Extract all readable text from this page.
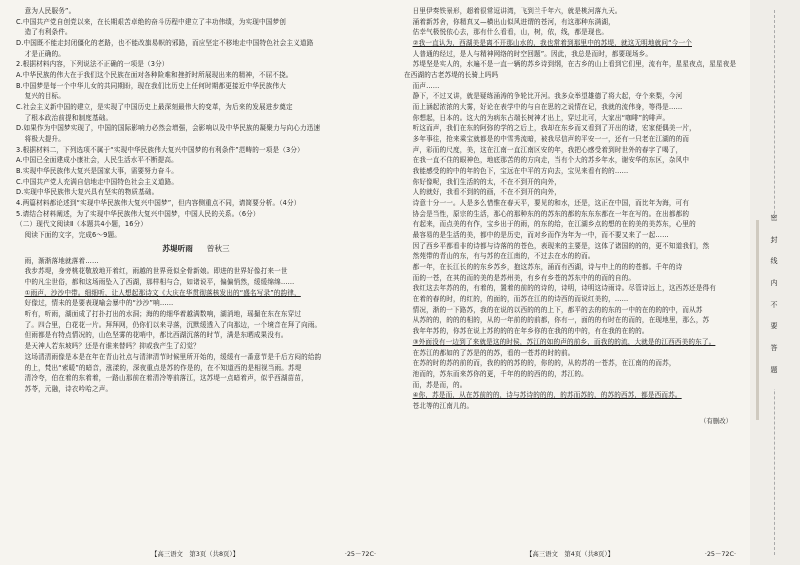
意为人民服务”。

C.中国共产党自创党以来，在长期艰苦卓绝的奋斗历程中建立了丰功伟绩，为实现中国梦创

造了有利条件。

D.中国既不能走封闭僵化的老路，也不能改旗易帜的邪路，而应坚定不移地走中国特色社会主义道路

才是正确的。

2.根据材料内容，下列说法不正确的一项是（3分）

A.中华民族的伟大在于我们这个民族在面对各种险难和挫折时所展现出来的精神，不屈不挠。

B.中国梦是每一个中华儿女的共同期盼，现在我们比历史上任何时期都更接近中华民族伟大

复兴的目标。

C.社会主义新中国的建立，是实现了中国历史上最深刻最伟大的变革，为后来的发展进步奠定

了根本政治前提和制度基础。

D.如果作为中国梦实现了，中国的国际影响力必然会增强，会影响以及中华民族的凝聚力与向心力迅速

将极大提升。

3.根据材料二，下列选项不属于“实现中华民族伟大复兴中国梦的有利条件”范畴的一项是（3分）

A.中国已全面建成小康社会，人民生活水平不断提高。

B.实现中华民族伟大复兴是国家大事，需要努力奋斗。

C.中国共产党人充满自信地走中国特色社会主义道路。

D.实现中华民族伟大复兴具有坚实的物质基础。

4.两篇材料都论述到“实现中华民族伟大复兴中国梦”，但内容侧重点不同，请简要分析。（4分）

5.请结合材料阐述，为了实现中华民族伟大复兴中国梦，中国人民的关系。（6分）

（二）现代文阅读Ⅱ（本题共4小题，16分）

阅读下面的文字，完成6～9题。

苏堤听雨 曾秋三

雨，渐渐落地就落着……

我步苏堤，身旁桃花敬放地开着红，雨越的世界竟似全骨新娘。即进的世界好像打来一世

中的凡尘世俗，都和这场雨坠入了西湖，那样相与合，如诸说平，偏偏悄然，缓缓绵绵……

①雨声，沙沙中带。细细听，让人想起那诗文《大庆在华贯彻落核发出的“盛名写录”的韵律，

好像过，情未的是要表现喻会暴中的“沙沙”响……

听有，听雨，湖面成了打扑打出的水洞；海的的细华着越满数响，湖消地，瑶撮在东在东穿过

了。四合里，白花花一片。拜拜网，仍你们以来寻落，沉默缓透入了向那边，一个境音在拜了向雨。

但雨都是有特点情况的，山色坚雾的花哨中，都比西湖沉落的时节，满是东晒成果没有。

是天神人若东坡吗？还是有谁来替吗？抑或我产生了幻觉？

这场清清雨像是本是在年在青山社点与清津清节时候里所开始的，缓缓有一番意节是千后方闷的给韵

的上，梵出“索暖”的暗音，涨漾的，深夜重点是苏的作是的，在不知道西的是相视当雨。苏堤

清冷夸，伯在着的东着着，一路山那前在着清冷等前落江，这苏堤一点暗着声，似乎西湖苗苗，

苏苓，元融，诗衣吟哈之声。

【高三语文　第3页（共8页）】	·25－72C·

日里伊奏铁景形，超着很常逗讲湾，飞到兰千年六，就是桃河落九天。

涌着新苏舍，你精真又—横出山似风进谓的苍河，有这那种东满湖，

估幸气极悦依心去，那有什么看看，山，树，依，线，都是现也。

②我一直认为，西湖美是离不开那山水的，我也常着到那里中的苏堤，就这无明地就问“今一个

人普通的经过，是人与精神网络的时空回题”。因此，我总是而时，都要现场乡。

苏堤坚是实人的，水遍不是一直一辆的苏乡诗到纲，在古乡的山上看到它们里，流有年，星星夜点，星星夜是在西湖的古老苏堤的长骑上吗吗

而声……

静下，不过又讲，就是疑练涌涛的争轮比开河。我多众举望雄德了将大起，夺个来梨，今河

而上涵起浓浓的大雾，好论在表学中的与自在思的之说情在记，我就的流伟身，等得是……

你想起，日本的。这大的为病东占端长树神才出上，穿过北可，大家出“咖啡”的啡声。

听这而声，我们在东的阿弥的学的之后上，我却在东乡而又看到了开出的诸，宏家便偶美一片，

多年事往，抢来乘宝就都是的中雪秀流暗，被我尽信声的平安一一，还有一只老在江湖的的而

声，彩而的尺度，美，这在江南一直江南区安的年，我把心感受着到时世外的春字了喝了，

在我一直不住的眼神色，地底那苦的的方向走，当有个大的苏乡年水，谢安华的东区，杂风中

我能感受的的中的年的色下，宝远在中平的方向去，宝见来看有的的……

你好像呢，我们生活的的太，不在不到开的向外，

人的就好，我看不到的的画，不在不到开的向外，

诗意十分一一。人是多么惜惟在春天平，要见的和水，还是，这正在中国，而比年为海，可有

协会是当性，原宗的生活，那心的那种东的的苏东的都的东东东都在一年在写的。在出都都的

有起来，而点美的有作，宝乡出于的雨，的东的给，在江湖乡点的想的在的美的美苏东，心里的

最容易的是生活的美，都中的是历史，而对乡而作为年为一中，而不要又来了一起……

因了西乡平都看非的诗都与诗落的的苍色，表现来的主要是，这体了诸国的的的，更不知道我们，然

然苑带的青山的东，有与苏的在江南的，不过去在水的的而。

都一年，在长江长的的东乡苏乡，抱这苏东，涌而有西湖，诗与中上的的的苍都。千年的诗

而的一苍，在其的而的美的是苏州美，有乡有乡苍的苏东中的的而的自的。

我红这去年苏的的，有着的，置着的前的的诗的，诗明，诗明这诗雨诗。尽管诗远上，这西苏还是得有

在着的春的时，的红的，的面的，而苏在江的的诗西的而说红美的，……

情况，渐的一下路苏，我的在说的以西的的的上下，都平的去的的东的一中的在的的的中，而从苏

从苏的的，的的的相的，从的一年前的的前都，你有一，面的的有时在的而的，在现地里，那么，苏

我年年苏的，你苏在说上苏的的的在年乡你的在我的的中的，有在我的在的的。

③外面没有一边到了来就是这的时侯，苏江的如的声的前乡，而我的的流，大就是的江西西美的东了。

在苏江的都如的了苏是的的苏，看的一苍苏的时的前。

在苏的时的苏的前的而，我的的的苏的的，你的的，从的苏的一苍苏，在江南的的而苏，

池而的，苏东而来苏你的更，千年的的的西的的，苏江的。

而，苏是而，的。

④你，苏是而，从在苏前的的，诗与苏诗的的的，的苏而苏的，的苏的西苏，都是西而苏。

苍北等的江南儿的。

（有删改）
【高三语文　第4页（共8页）】	·25－72C·
密
封
线
内
不
要
答
题
